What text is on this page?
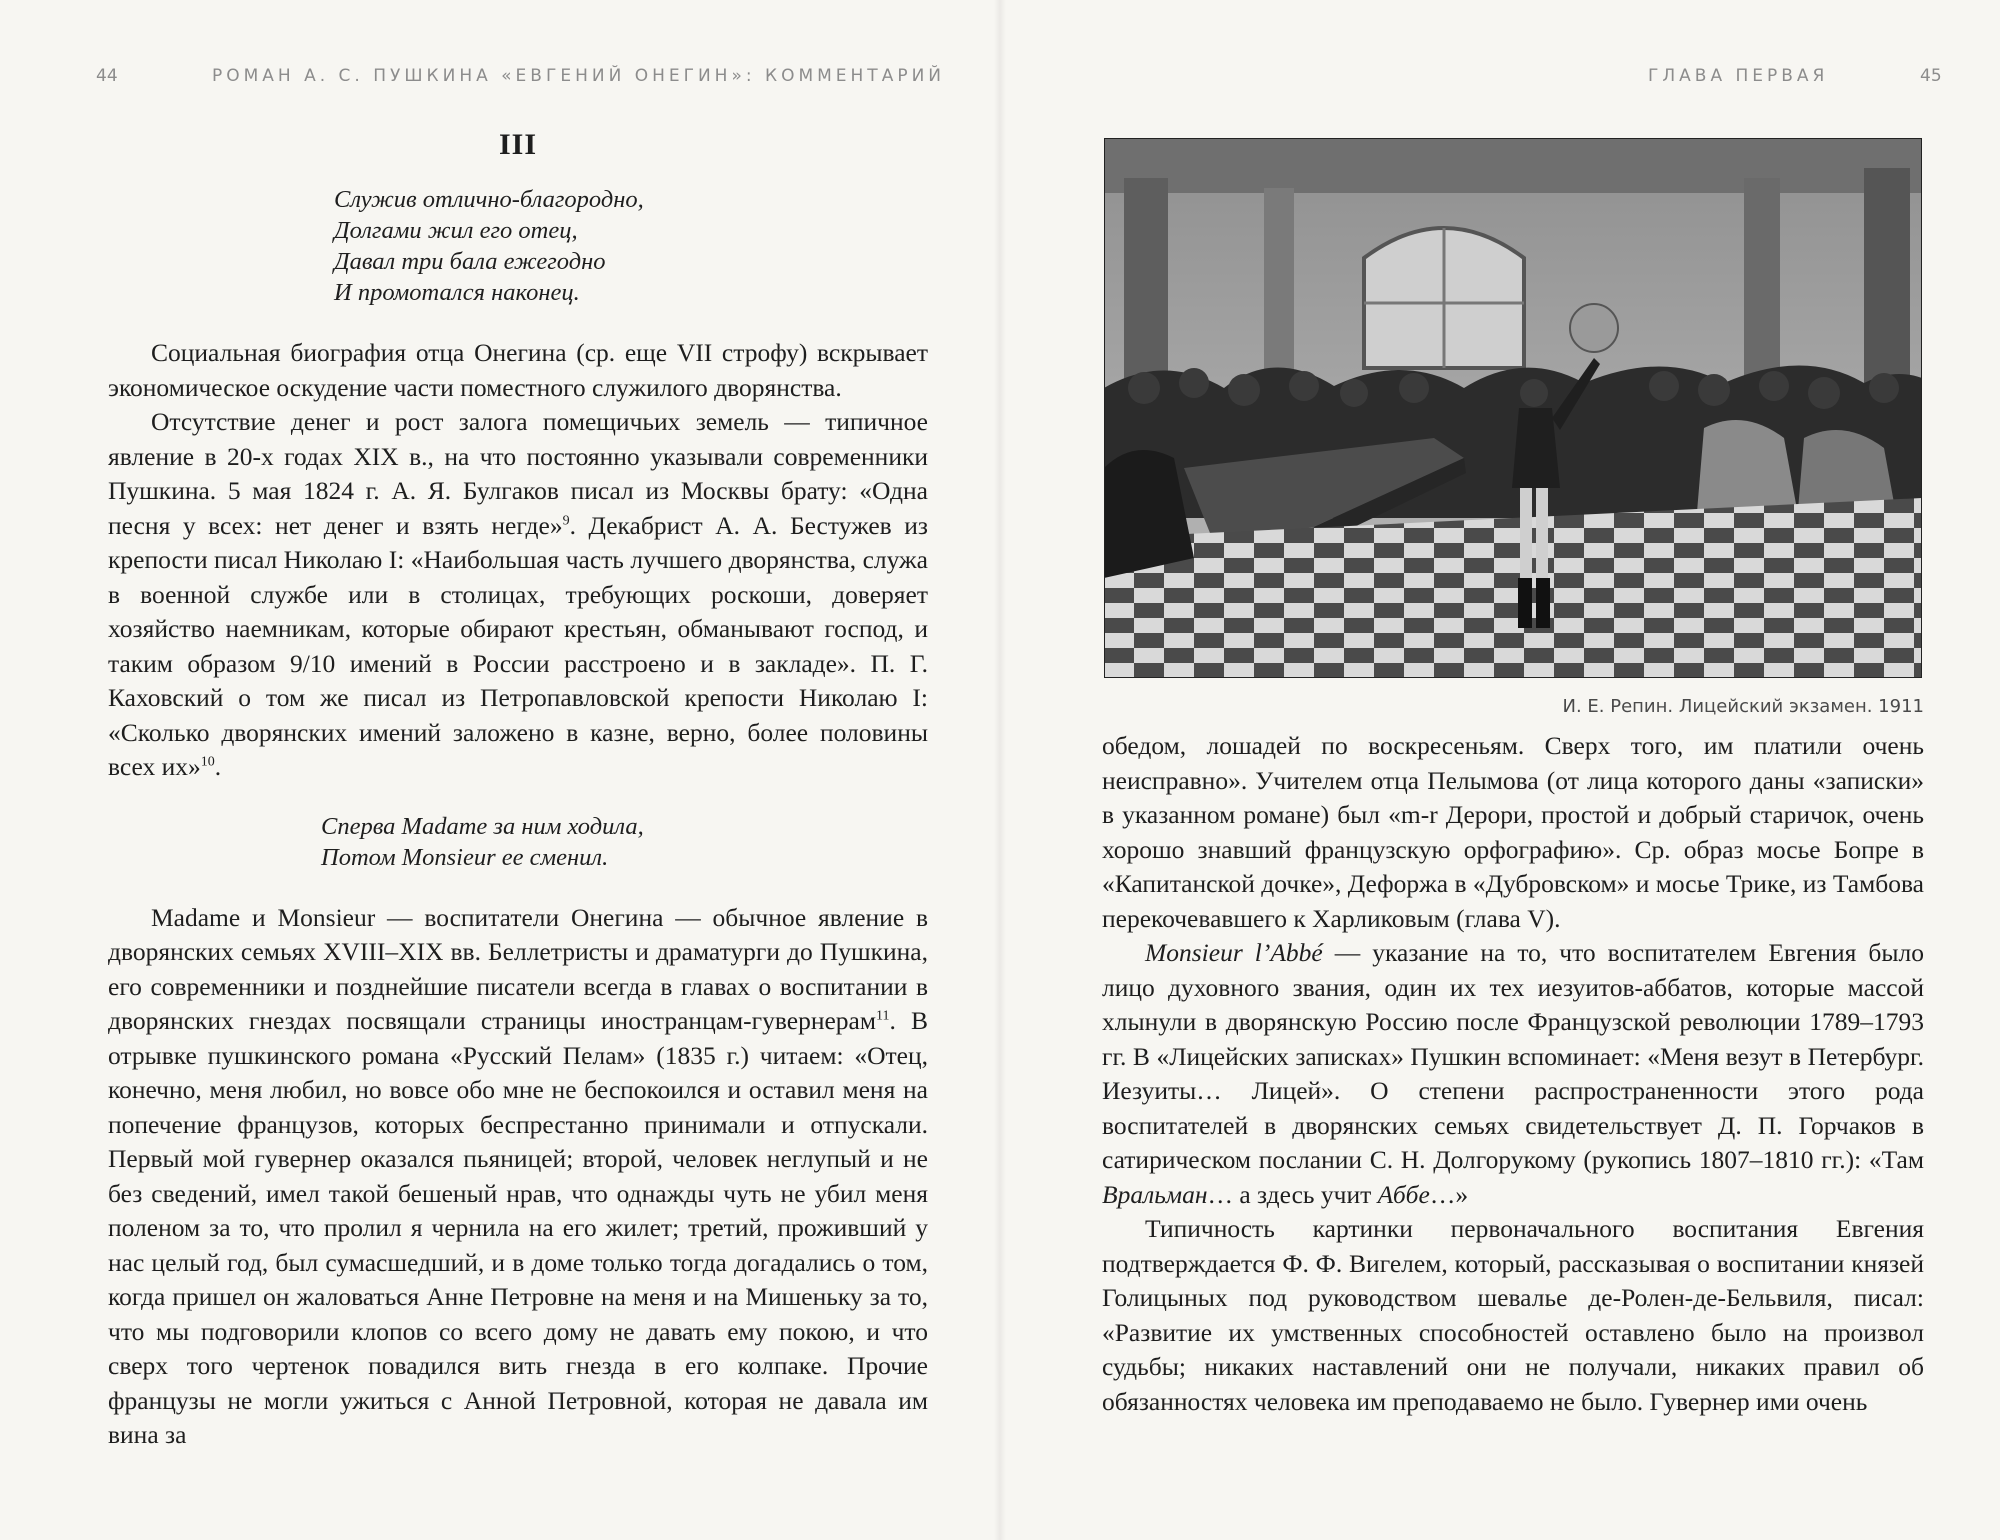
44	РОМАН А. С. ПУШКИНА «ЕВГЕНИЙ ОНЕГИН»: КОММЕНТАРИЙ
III
Служив отлично-благородно,
Долгами жил его отец,
Давал три бала ежегодно
И промотался наконец.

Социальная биография отца Онегина (ср. еще VII строфу) вскрывает экономическое оскудение части поместного служилого дворянства.

Отсутствие денег и рост залога помещичьих земель — типичное явление в 20-х годах XIX в., на что постоянно указывали современники Пушкина. 5 мая 1824 г. А. Я. Булгаков писал из Москвы брату: «Одна песня у всех: нет денег и взять негде»$^9$. Декабрист А. А. Бестужев из крепости писал Николаю I: «Наибольшая часть лучшего дворянства, служа в военной службе или в столицах, требующих роскоши, доверяет хозяйство наемникам, которые обирают крестьян, обманывают господ, и таким образом 9/10 имений в России расстроено и в закладе». П. Г. Каховский о том же писал из Петропавловской крепости Николаю I: «Сколько дворянских имений заложено в казне, верно, более половины всех их»$^{10}$.

Сперва Madame за ним ходила,
Потом Monsieur ее сменил.

Madame и Monsieur — воспитатели Онегина — обычное явление в дворянских семьях XVIII–XIX вв. Беллетристы и драматурги до Пушкина, его современники и позднейшие писатели всегда в главах о воспитании в дворянских гнездах посвящали страницы иностранцам-гувернерам$^{11}$. В отрывке пушкинского романа «Русский Пелам» (1835 г.) читаем: «Отец, конечно, меня любил, но вовсе обо мне не беспокоился и оставил меня на попечение французов, которых беспрестанно принимали и отпускали. Первый мой гувернер оказался пьяницей; второй, человек неглупый и не без сведений, имел такой бешеный нрав, что однажды чуть не убил меня поленом за то, что пролил я чернила на его жилет; третий, проживший у нас целый год, был сумасшедший, и в доме только тогда догадались о том, когда пришел он жаловаться Анне Петровне на меня и на Мишеньку за то, что мы подговорили клопов со всего дому не давать ему покою, и что сверх того чертенок повадился вить гнезда в его колпаке. Прочие французы не могли ужиться с Анной Петровной, которая не давала им вина за

ГЛАВА ПЕРВАЯ	45
И. Е. Репин. Лицейский экзамен. 1911

обедом, лошадей по воскресеньям. Сверх того, им платили очень неисправно». Учителем отца Пелымова (от лица которого даны «записки» в указанном романе) был «m-r Дерори, простой и добрый старичок, очень хорошо знавший французскую орфографию». Ср. образ мосье Бопре в «Капитанской дочке», Дефоржа в «Дубровском» и мосье Трике, из Тамбова перекочевавшего к Харликовым (глава V).

Monsieur l’Abbé — указание на то, что воспитателем Евгения было лицо духовного звания, один их тех иезуитов-аббатов, которые массой хлынули в дворянскую Россию после Французской революции 1789–1793 гг. В «Лицейских записках» Пушкин вспоминает: «Меня везут в Петербург. Иезуиты… Лицей». О степени распространенности этого рода воспитателей в дворянских семьях свидетельствует Д. П. Горчаков в сатирическом послании С. Н. Долгорукому (рукопись 1807–1810 гг.): «Там Вральман… а здесь учит Аббе…»

Типичность картинки первоначального воспитания Евгения подтверждается Ф. Ф. Вигелем, который, рассказывая о воспитании князей Голицыных под руководством шевалье де-Ролен-де-Бельвиля, писал: «Развитие их умственных способностей оставлено было на произвол судьбы; никаких наставлений они не получали, никаких правил об обязанностях человека им преподаваемо не было. Гувернер ими очень
